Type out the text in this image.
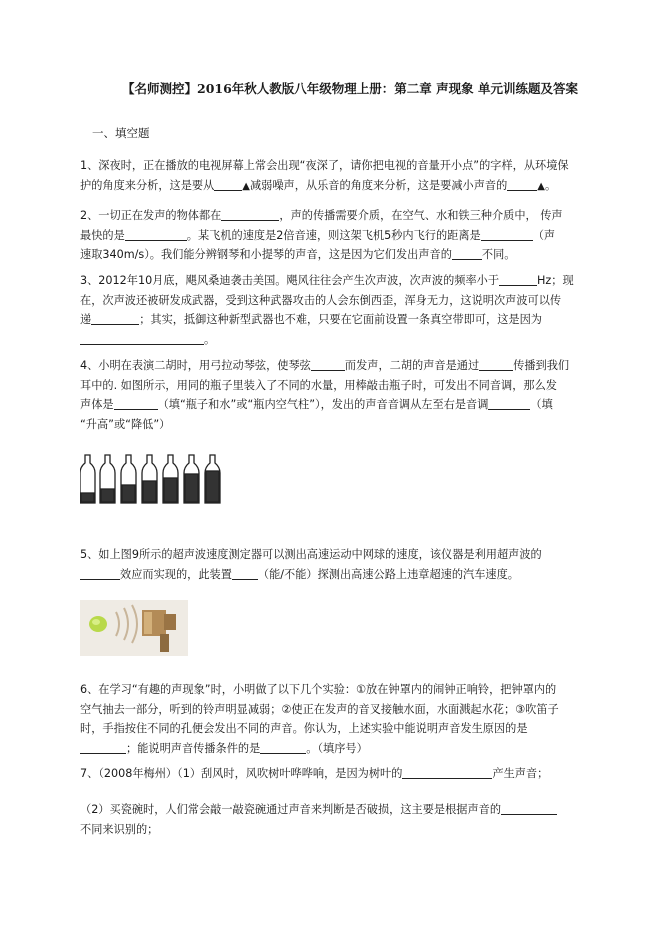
【名师测控】2016年秋人教版八年级物理上册：第二章 声现象 单元训练题及答案
一、填空题
1、深夜时，正在播放的电视屏幕上常会出现“夜深了，请你把电视的音量开小点”的字样，从环境保
护的角度来分析，这是要从	▲减弱噪声，从乐音的角度来分析，这是要减小声音的	▲。
2、一切正在发声的物体都在	，声的传播需要介质，在空气、水和铁三种介质中， 传声
最快的是	。某飞机的速度是2倍音速，则这架飞机5秒内飞行的距离是	（声
速取340m/s）。我们能分辨钢琴和小提琴的声音，这是因为它们发出声音的	不同。
3、2012年10月底，飓风桑迪袭击美国。飓风往往会产生次声波，次声波的频率小于	Hz；现
在，次声波还被研发成武器，受到这种武器攻击的人会东倒西歪，浑身无力，这说明次声波可以传
递	；其实，抵御这种新型武器也不难，只要在它面前设置一条真空带即可，这是因为
。
4、小明在表演二胡时，用弓拉动琴弦，使琴弦	而发声，二胡的声音是通过	传播到我们
耳中的. 如图所示，用同的瓶子里装入了不同的水量，用棒敲击瓶子时，可发出不同音调，那么发
声体是	（填“瓶子和水”或“瓶内空气柱”），发出的声音音调从左至右是音调	（填
“升高”或“降低”）
5、如上图9所示的超声波速度测定器可以测出高速运动中网球的速度，该仪器是利用超声波的
效应而实现的，此装置 （能/不能）探测出高速公路上违章超速的汽车速度。
6、在学习“有趣的声现象”时，小明做了以下几个实验：①放在钟罩内的闹钟正响铃，把钟罩内的
空气抽去一部分，听到的铃声明显减弱；②使正在发声的音叉接触水面，水面溅起水花；③吹笛子
时，手指按住不同的孔便会发出不同的声音。你认为，上述实验中能说明声音发生原因的是
；能说明声音传播条件的是	。（填序号）
7、（2008年梅州）（1）刮风时，风吹树叶哗哗响，是因为树叶的	产生声音；
（2）买瓷碗时，人们常会敲一敲瓷碗通过声音来判断是否破损，这主要是根据声音的
不同来识别的；
